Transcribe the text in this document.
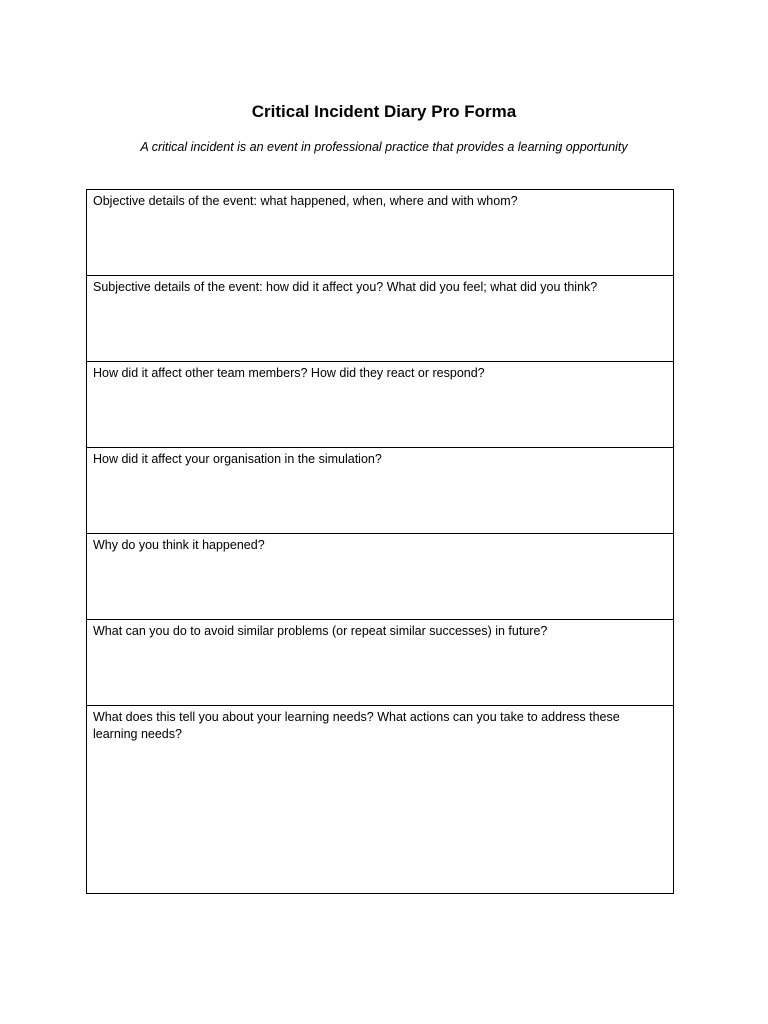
Critical Incident Diary Pro Forma
A critical incident is an event in professional practice that provides a learning opportunity
Objective details of the event: what happened, when, where and with whom?
Subjective details of the event: how did it affect you? What did you feel; what did you think?
How did it affect other team members? How did they react or respond?
How did it affect your organisation in the simulation?
Why do you think it happened?
What can you do to avoid similar problems (or repeat similar successes) in future?
What does this tell you about your learning needs? What actions can you take to address these learning needs?
